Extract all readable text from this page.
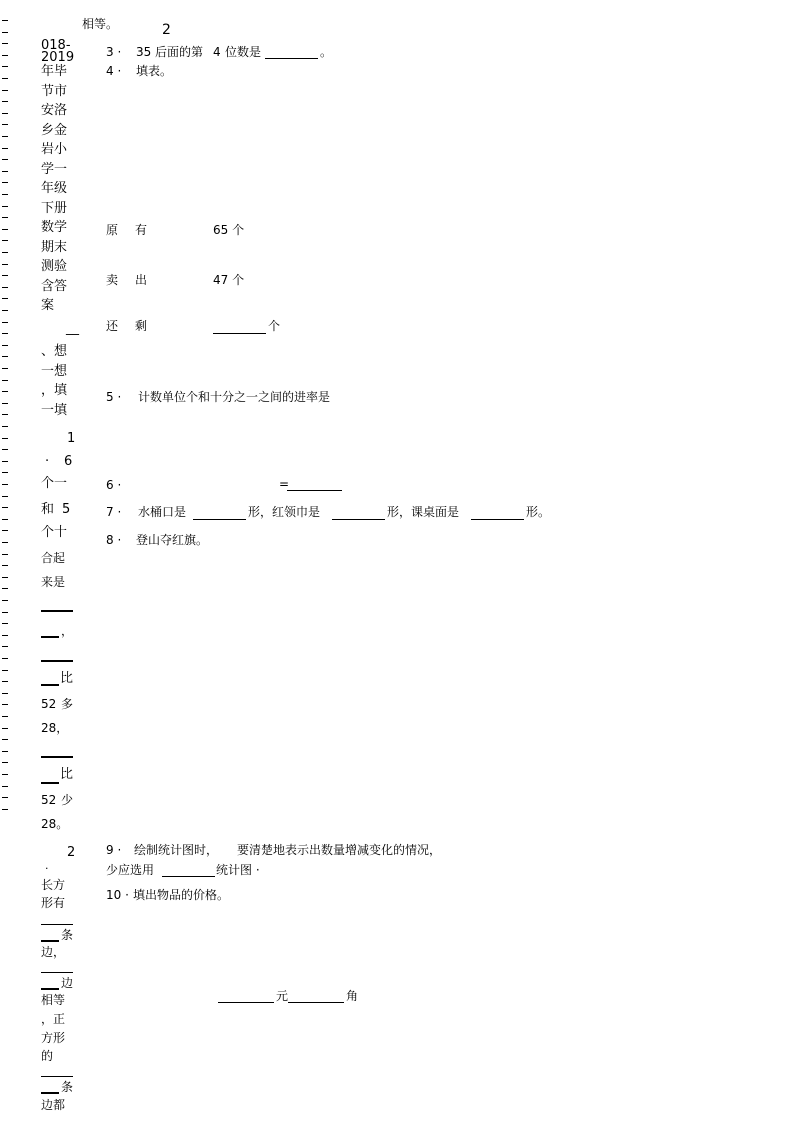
相等。	2
018-
2019
年毕
节市
安洛
乡金
岩小
学一
年级
下册
数学
期末
测验
含答
案
__
、想
一想
，填
一填
1
· 6
个一
和 5
个十
合起
来是
，
比
52 多
28，
比
52 少
28。
2
·
长方
形有
条
边，
边
相等
，正
方形
的
条
边都
3 · 35 后面的第 4 位数是	。
4 · 填表。
原 有	65 个
卖 出	47 个
还 剩	个
5 · 计数单位个和十分之一之间的进率是
6 ·	=
7 · 水桶口是	形，红领巾是	形，课桌面是	形。
8 · 登山夺红旗。
9 · 绘制统计图时， 要清楚地表示出数量增减变化的情况，
少应选用	统计图 ·
10 · 填出物品的价格。
元	角
